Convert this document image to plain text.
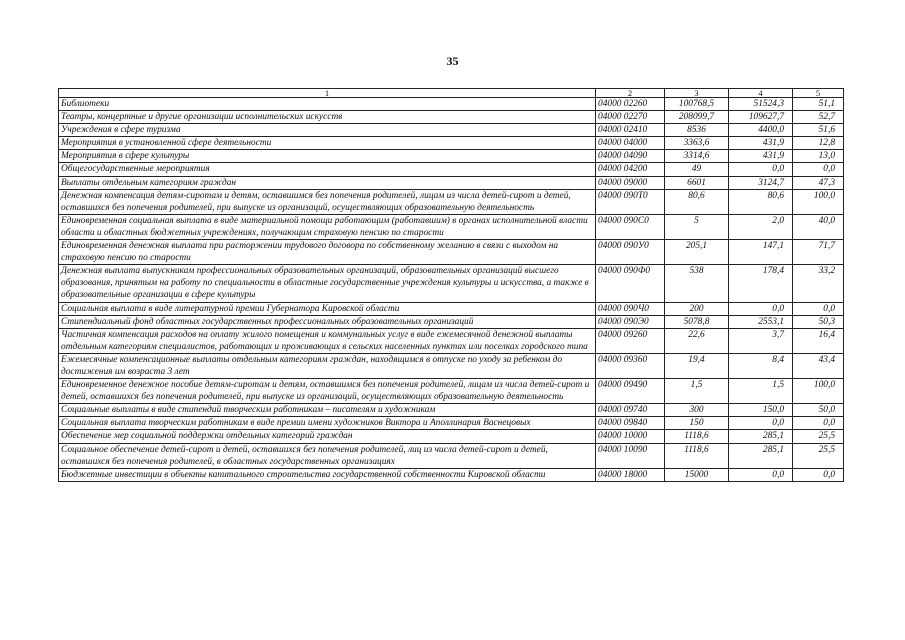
35
1	2	3	4	5
Библиотеки	04000 02260	100768,5	51524,3	51,1
Театры, концертные и другие организации исполнительских искусств	04000 02270	208099,7	109627,7	52,7
Учреждения в сфере туризма	04000 02410	8536	4400,0	51,6
Мероприятия в установленной сфере деятельности	04000 04000	3363,6	431,9	12,8
Мероприятия в сфере культуры	04000 04090	3314,6	431,9	13,0
Общегосударственные мероприятия	04000 04200	49	0,0	0,0
Выплаты отдельным категориям граждан	04000 09000	6601	3124,7	47,3
Денежная компенсация детям-сиротам и детям, оставшимся без попечения родителей, лицам из числа детей-сирот и детей, оставшихся без попечения родителей, при выпуске из организаций, осуществляющих образовательную деятельность	04000 090Т0	80,6	80,6	100,0
Единовременная социальная выплата в виде материальной помощи работающим (работавшим) в органах исполнительной власти области и областных бюджетных учреждениях, получающим страховую пенсию по старости	04000 090С0	5	2,0	40,0
Единовременная денежная выплата при расторжении трудового договора по собственному желанию в связи с выходом на страховую пенсию по старости	04000 090У0	205,1	147,1	71,7
Денежная выплата выпускникам профессиональных образовательных организаций, образовательных организаций высшего образования, принятым на работу по специальности в областные государственные учреждения культуры и искусства, а также в образовательные организации в сфере культуры	04000 090Ф0	538	178,4	33,2
Социальная выплата в виде литературной премии Губернатора Кировской области	04000 090Ч0	200	0,0	0,0
Стипендиальный фонд областных государственных профессиональных образовательных организаций	04000 090Э0	5078,8	2553,1	50,3
Частичная компенсация расходов на оплату жилого помещения и коммунальных услуг в виде ежемесячной денежной выплаты отдельным категориям специалистов, работающих и проживающих в сельских населенных пунктах или поселках городского типа	04000 09260	22,6	3,7	16,4
Ежемесячные компенсационные выплаты отдельным категориям граждан, находящимся в отпуске по уходу за ребенком до достижения им возраста 3 лет	04000 09360	19,4	8,4	43,4
Единовременное денежное пособие детям-сиротам и детям, оставшимся без попечения родителей, лицам из числа детей-сирот и детей, оставшихся без попечения родителей, при выпуске из организаций, осуществляющих образовательную деятельность	04000 09490	1,5	1,5	100,0
Социальные выплаты в виде стипендий творческим работникам – писателям и художникам	04000 09740	300	150,0	50,0
Социальная выплата творческим работникам в виде премии имени художников Виктора и Аполлинария Васнецовых	04000 09840	150	0,0	0,0
Обеспечение мер социальной поддержки отдельных категорий граждан	04000 10000	1118,6	285,1	25,5
Социальное обеспечение детей-сирот и детей, оставшихся без попечения родителей, лиц из числа детей-сирот и детей, оставшихся без попечения родителей, в областных государственных организациях	04000 10090	1118,6	285,1	25,5
Бюджетные инвестиции в объекты капитального строительства государственной собственности Кировской области	04000 18000	15000	0,0	0,0
